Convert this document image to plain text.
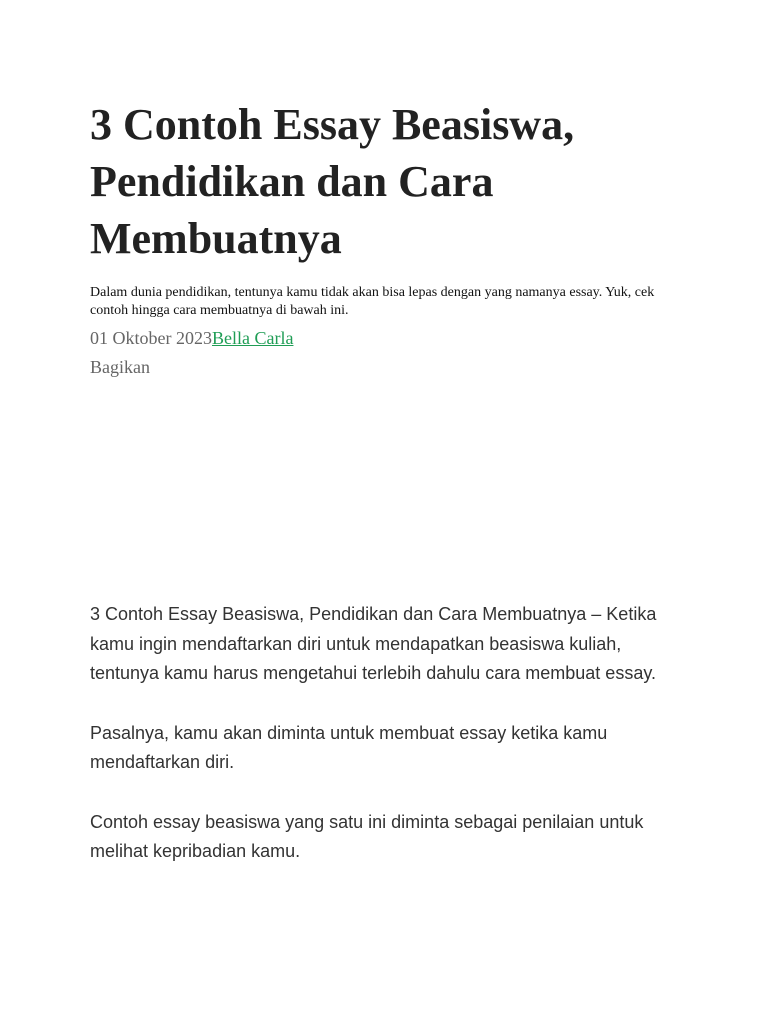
3 Contoh Essay Beasiswa, Pendidikan dan Cara Membuatnya

Dalam dunia pendidikan, tentunya kamu tidak akan bisa lepas dengan yang namanya essay. Yuk, cek contoh hingga cara membuatnya di bawah ini.

01 Oktober 2023Bella Carla
Bagikan

3 Contoh Essay Beasiswa, Pendidikan dan Cara Membuatnya – Ketika kamu ingin mendaftarkan diri untuk mendapatkan beasiswa kuliah, tentunya kamu harus mengetahui terlebih dahulu cara membuat essay.

Pasalnya, kamu akan diminta untuk membuat essay ketika kamu mendaftarkan diri.

Contoh essay beasiswa yang satu ini diminta sebagai penilaian untuk melihat kepribadian kamu.
